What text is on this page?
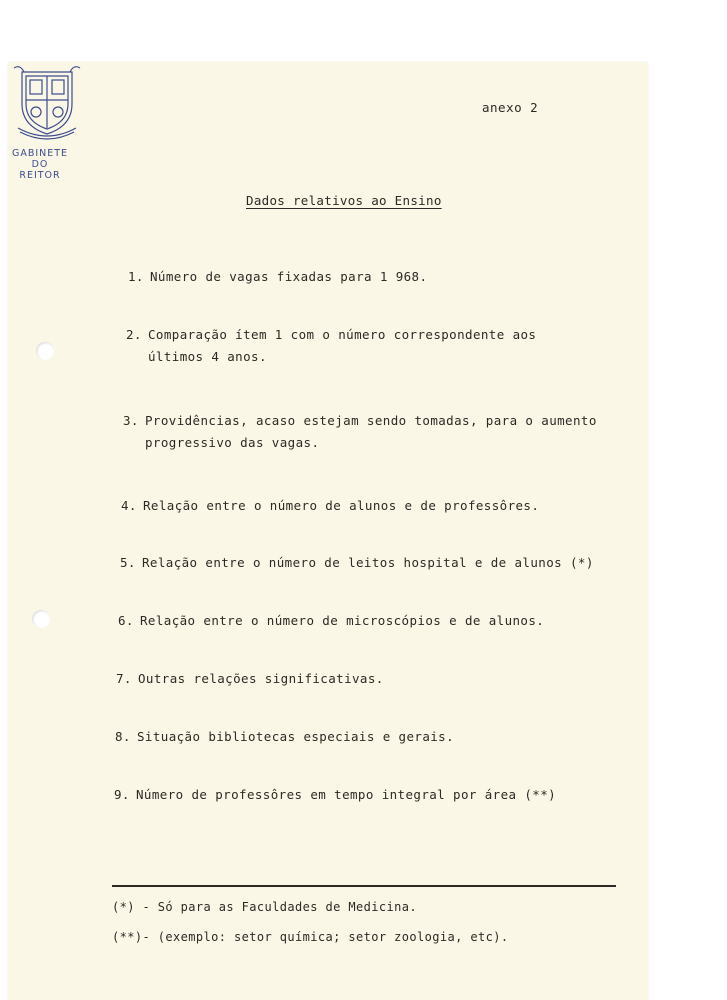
GABINETE
DO
REITOR
anexo 2
Dados relativos ao Ensino
1. Número de vagas fixadas para 1 968.
2. Comparação ítem 1 com o número correspondente aos
últimos 4 anos.
3. Providências, acaso estejam sendo tomadas, para o aumento
progressivo das vagas.
4. Relação entre o número de alunos e de professôres.
5. Relação entre o número de leitos hospital e de alunos (*)
6. Relação entre o número de microscópios e de alunos.
7. Outras relações significativas.
8. Situação bibliotecas especiais e gerais.
9. Número de professôres em tempo integral por área (**)
(*) - Só para as Faculdades de Medicina.
(**)- (exemplo: setor química; setor zoologia, etc).
